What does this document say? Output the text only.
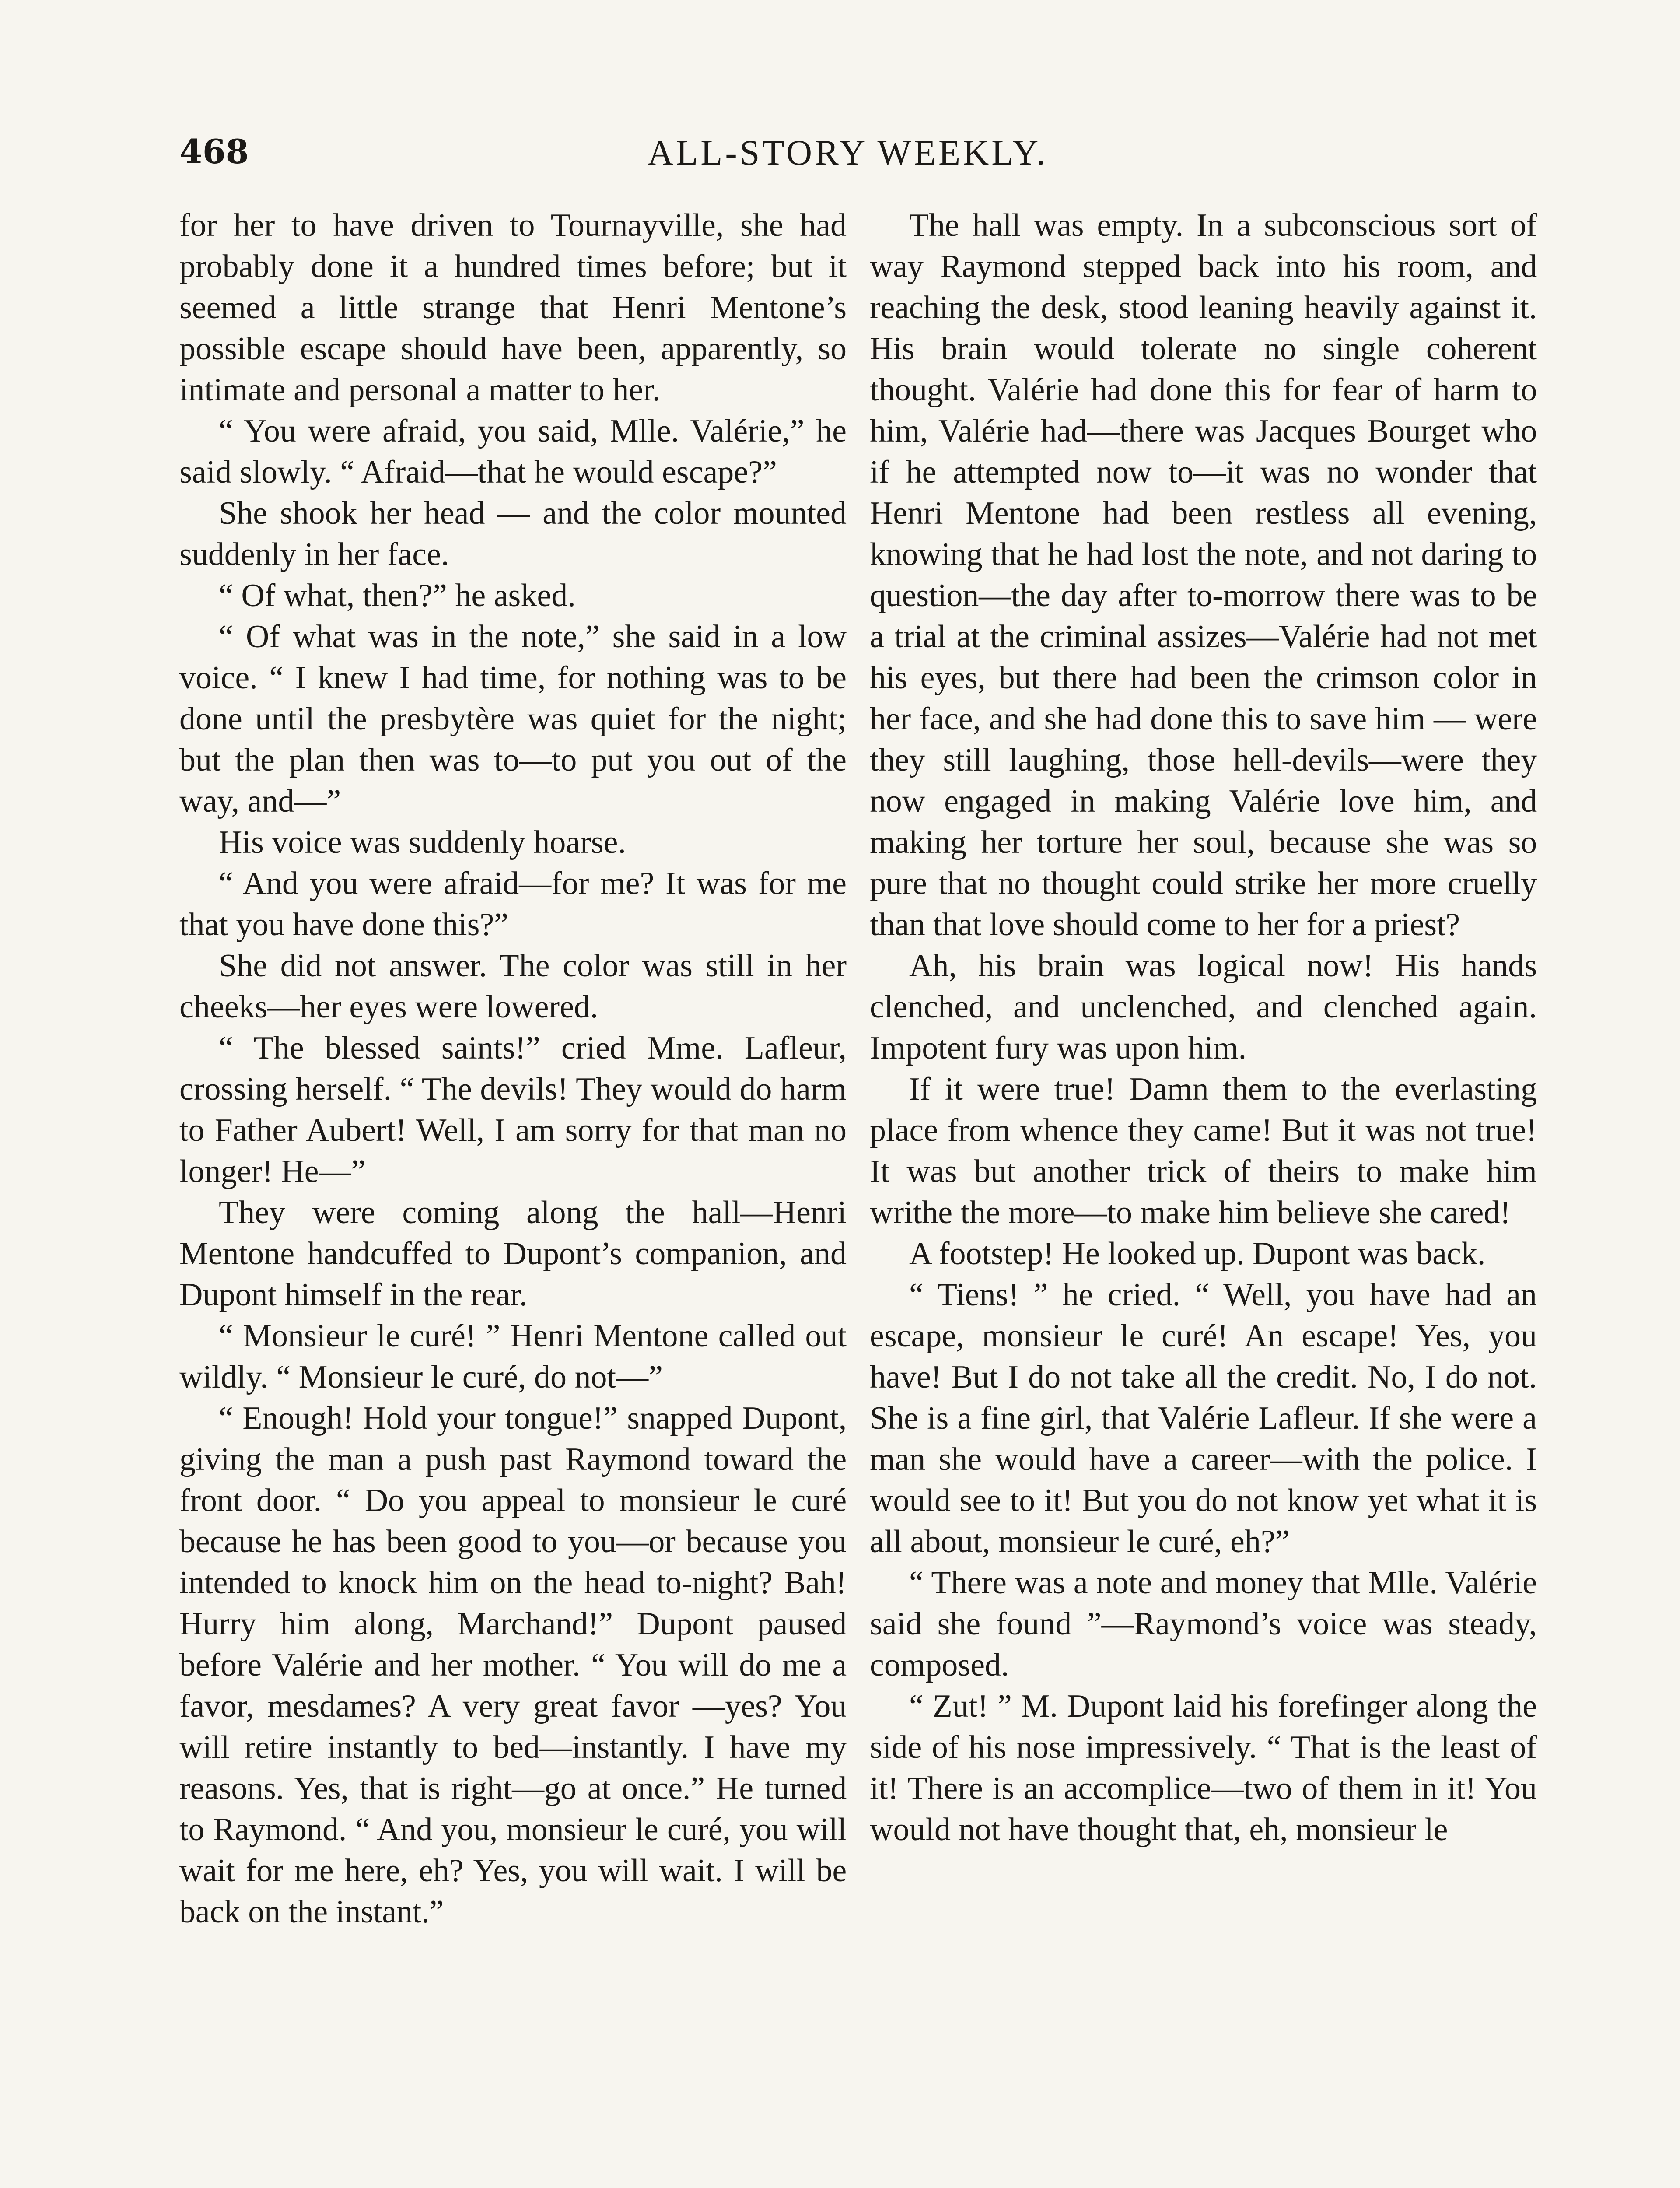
468	ALL-STORY WEEKLY.

for her to have driven to Tournayville, she had probably done it a hundred times before; but it seemed a little strange that Henri Mentone’s possible escape should have been, apparently, so intimate and personal a matter to her.

“ You were afraid, you said, Mlle. Valérie,” he said slowly. “ Afraid—that he would escape?”

She shook her head — and the color mounted suddenly in her face.

“ Of what, then?” he asked.

“ Of what was in the note,” she said in a low voice. “ I knew I had time, for nothing was to be done until the presbytère was quiet for the night; but the plan then was to—to put you out of the way, and—”

His voice was suddenly hoarse.

“ And you were afraid—for me? It was for me that you have done this?”

She did not answer. The color was still in her cheeks—her eyes were lowered.

“ The blessed saints!” cried Mme. Lafleur, crossing herself. “ The devils! They would do harm to Father Aubert! Well, I am sorry for that man no longer! He—”

They were coming along the hall—Henri Mentone handcuffed to Dupont’s companion, and Dupont himself in the rear.

“ Monsieur le curé! ” Henri Mentone called out wildly. “ Monsieur le curé, do not—”

“ Enough! Hold your tongue!” snapped Dupont, giving the man a push past Raymond toward the front door. “ Do you appeal to monsieur le curé because he has been good to you—or because you intended to knock him on the head to-night? Bah! Hurry him along, Marchand!” Dupont paused before Valérie and her mother. “ You will do me a favor, mesdames? A very great favor —yes? You will retire instantly to bed—instantly. I have my reasons. Yes, that is right—go at once.” He turned to Raymond. “ And you, monsieur le curé, you will wait for me here, eh? Yes, you will wait. I will be back on the instant.”

The hall was empty. In a subconscious sort of way Raymond stepped back into his room, and reaching the desk, stood leaning heavily against it. His brain would tolerate no single coherent thought. Valérie had done this for fear of harm to him, Valérie had—there was Jacques Bourget who if he attempted now to—it was no wonder that Henri Mentone had been restless all evening, knowing that he had lost the note, and not daring to question—the day after to-morrow there was to be a trial at the criminal assizes—Valérie had not met his eyes, but there had been the crimson color in her face, and she had done this to save him — were they still laughing, those hell-devils—were they now engaged in making Valérie love him, and making her torture her soul, because she was so pure that no thought could strike her more cruelly than that love should come to her for a priest?

Ah, his brain was logical now! His hands clenched, and unclenched, and clenched again. Impotent fury was upon him.

If it were true! Damn them to the everlasting place from whence they came! But it was not true! It was but another trick of theirs to make him writhe the more—to make him believe she cared!

A footstep! He looked up. Dupont was back.

“ Tiens! ” he cried. “ Well, you have had an escape, monsieur le curé! An escape! Yes, you have! But I do not take all the credit. No, I do not. She is a fine girl, that Valérie Lafleur. If she were a man she would have a career—with the police. I would see to it! But you do not know yet what it is all about, monsieur le curé, eh?”

“ There was a note and money that Mlle. Valérie said she found ”—Raymond’s voice was steady, composed.

“ Zut! ” M. Dupont laid his forefinger along the side of his nose impressively. “ That is the least of it! There is an accomplice—two of them in it! You would not have thought that, eh, monsieur le
